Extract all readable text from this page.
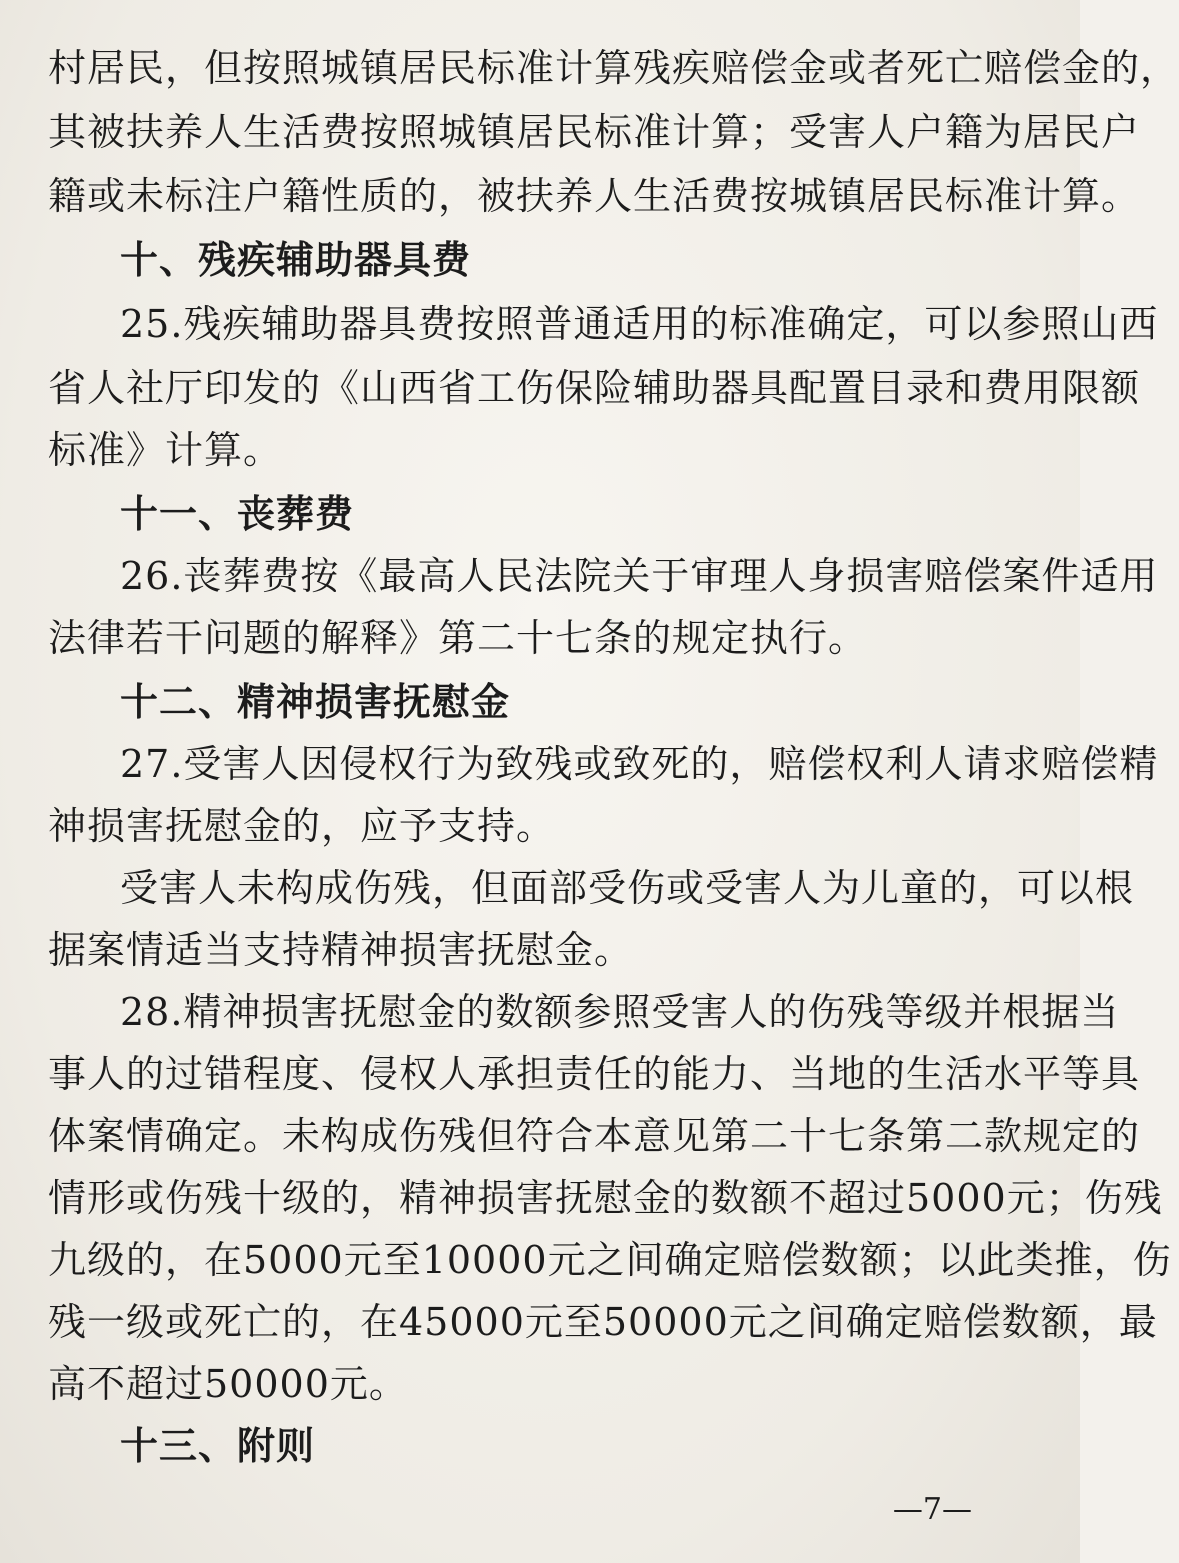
村居民，但按照城镇居民标准计算残疾赔偿金或者死亡赔偿金的，
其被扶养人生活费按照城镇居民标准计算；受害人户籍为居民户
籍或未标注户籍性质的，被扶养人生活费按城镇居民标准计算。
十、残疾辅助器具费
25.残疾辅助器具费按照普通适用的标准确定，可以参照山西
省人社厅印发的《山西省工伤保险辅助器具配置目录和费用限额
标准》计算。
十一、丧葬费
26.丧葬费按《最高人民法院关于审理人身损害赔偿案件适用
法律若干问题的解释》第二十七条的规定执行。
十二、精神损害抚慰金
27.受害人因侵权行为致残或致死的，赔偿权利人请求赔偿精
神损害抚慰金的，应予支持。
受害人未构成伤残，但面部受伤或受害人为儿童的，可以根
据案情适当支持精神损害抚慰金。
28.精神损害抚慰金的数额参照受害人的伤残等级并根据当
事人的过错程度、侵权人承担责任的能力、当地的生活水平等具
体案情确定。未构成伤残但符合本意见第二十七条第二款规定的
情形或伤残十级的，精神损害抚慰金的数额不超过5000元；伤残
九级的，在5000元至10000元之间确定赔偿数额；以此类推，伤
残一级或死亡的，在45000元至50000元之间确定赔偿数额，最
高不超过50000元。
十三、附则
—7—
